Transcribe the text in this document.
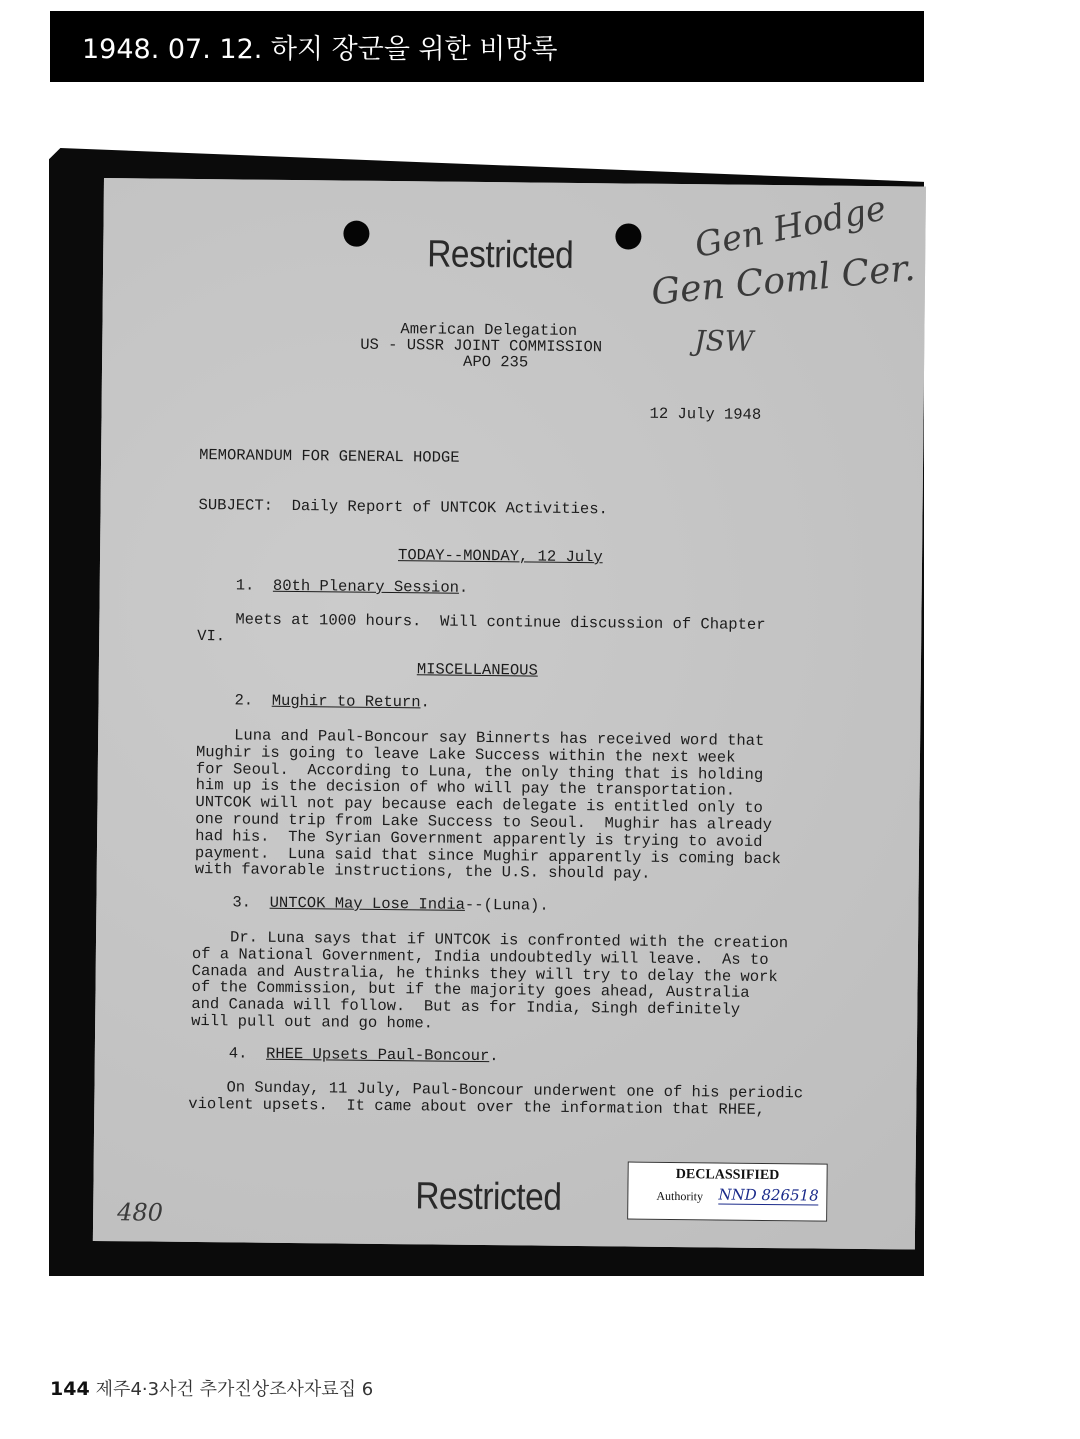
1948. 07. 12. 하지 장군을 위한 비망록
Restricted	Gen Hodge
Gen Coml Cer.
JSW
American Delegation
US - USSR JOINT COMMISSION
APO 235
12 July 1948
MEMORANDUM FOR GENERAL HODGE
SUBJECT: Daily Report of UNTCOK Activities.
TODAY--MONDAY, 12 July
1. 80th Plenary Session.
Meets at 1000 hours.  Will continue discussion of Chapter
VI.
MISCELLANEOUS
2. Mughir to Return.
Luna and Paul-Boncour say Binnerts has received word that
Mughir is going to leave Lake Success within the next week
for Seoul.  According to Luna, the only thing that is holding
him up is the decision of who will pay the transportation.
UNTCOK will not pay because each delegate is entitled only to
one round trip from Lake Success to Seoul.  Mughir has already
had his.  The Syrian Government apparently is trying to avoid
payment.  Luna said that since Mughir apparently is coming back
with favorable instructions, the U.S. should pay.
3. UNTCOK May Lose India--(Luna).
Dr. Luna says that if UNTCOK is confronted with the creation
of a National Government, India undoubtedly will leave.  As to
Canada and Australia, he thinks they will try to delay the work
of the Commission, but if the majority goes ahead, Australia
and Canada will follow.  But as for India, Singh definitely
will pull out and go home.
4. RHEE Upsets Paul-Boncour.
On Sunday, 11 July, Paul-Boncour underwent one of his periodic
violent upsets.  It came about over the information that RHEE,
Restricted
DECLASSIFIED
Authority NND 826518
480
144 제주4·3사건 추가진상조사자료집 6
